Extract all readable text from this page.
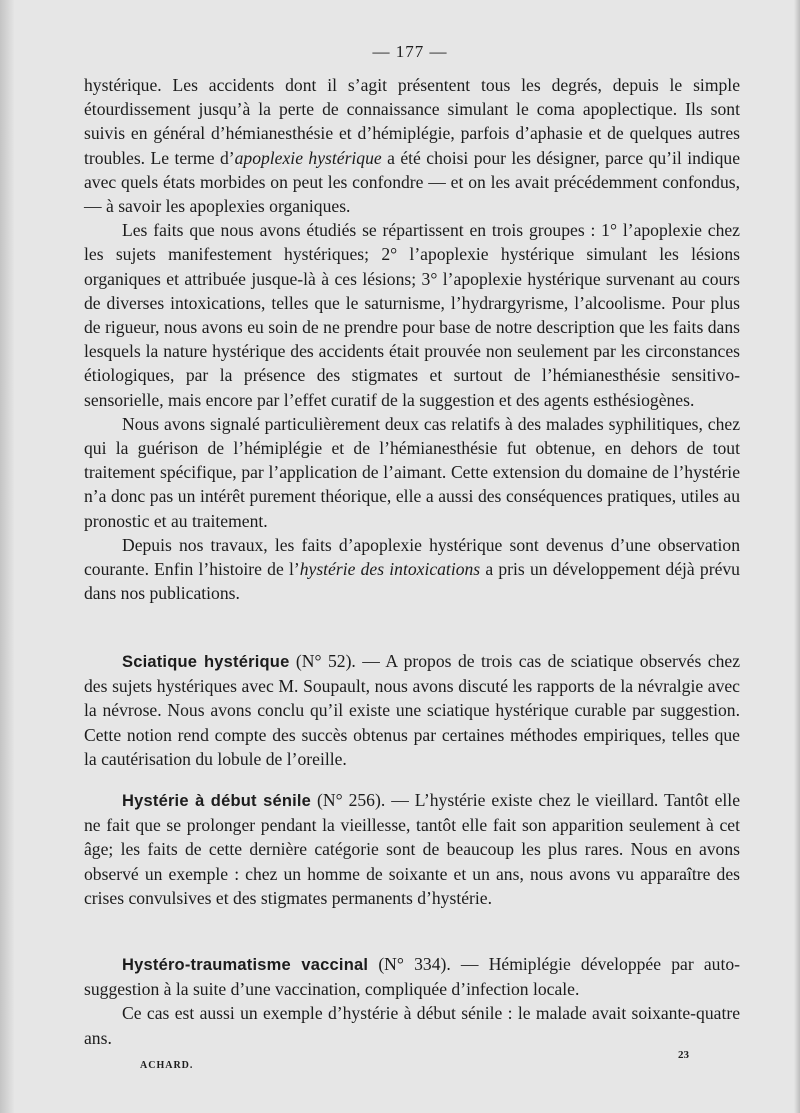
— 177 —

hystérique. Les accidents dont il s’agit présentent tous les degrés, depuis le simple étourdissement jusqu’à la perte de connaissance simulant le coma apoplectique. Ils sont suivis en général d’hémianesthésie et d’hémiplégie, parfois d’aphasie et de quelques autres troubles. Le terme d’apoplexie hystérique a été choisi pour les désigner, parce qu’il indique avec quels états morbides on peut les confondre — et on les avait précédemment confondus, — à savoir les apoplexies organiques.

Les faits que nous avons étudiés se répartissent en trois groupes : 1° l’apoplexie chez les sujets manifestement hystériques; 2° l’apoplexie hystérique simulant les lésions organiques et attribuée jusque-là à ces lésions; 3° l’apoplexie hystérique survenant au cours de diverses intoxications, telles que le saturnisme, l’hydrargyrisme, l’alcoolisme. Pour plus de rigueur, nous avons eu soin de ne prendre pour base de notre description que les faits dans lesquels la nature hystérique des accidents était prouvée non seulement par les circonstances étiologiques, par la présence des stigmates et surtout de l’hémianesthésie sensitivo-sensorielle, mais encore par l’effet curatif de la suggestion et des agents esthésiogènes.

Nous avons signalé particulièrement deux cas relatifs à des malades syphilitiques, chez qui la guérison de l’hémiplégie et de l’hémianesthésie fut obtenue, en dehors de tout traitement spécifique, par l’application de l’aimant. Cette extension du domaine de l’hystérie n’a donc pas un intérêt purement théorique, elle a aussi des conséquences pratiques, utiles au pronostic et au traitement.

Depuis nos travaux, les faits d’apoplexie hystérique sont devenus d’une observation courante. Enfin l’histoire de l’hystérie des intoxications a pris un développement déjà prévu dans nos publications.

Sciatique hystérique (N° 52). — A propos de trois cas de sciatique observés chez des sujets hystériques avec M. Soupault, nous avons discuté les rapports de la névralgie avec la névrose. Nous avons conclu qu’il existe une sciatique hystérique curable par suggestion. Cette notion rend compte des succès obtenus par certaines méthodes empiriques, telles que la cautérisation du lobule de l’oreille.

Hystérie à début sénile (N° 256). — L’hystérie existe chez le vieillard. Tantôt elle ne fait que se prolonger pendant la vieillesse, tantôt elle fait son apparition seulement à cet âge; les faits de cette dernière catégorie sont de beaucoup les plus rares. Nous en avons observé un exemple : chez un homme de soixante et un ans, nous avons vu apparaître des crises convulsives et des stigmates permanents d’hystérie.

Hystéro-traumatisme vaccinal (N° 334). — Hémiplégie développée par auto-suggestion à la suite d’une vaccination, compliquée d’infection locale.

Ce cas est aussi un exemple d’hystérie à début sénile : le malade avait soixante-quatre ans.

ACHARD.
23
